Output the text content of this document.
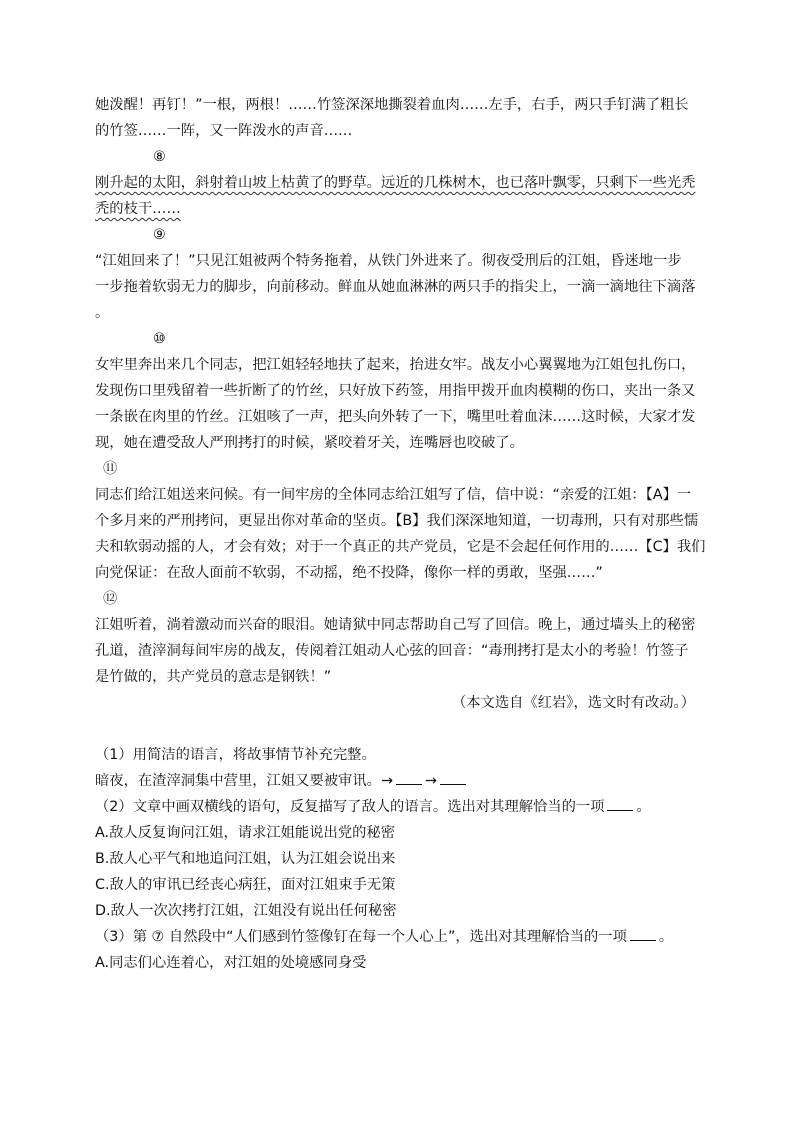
她泼醒！再钉！”一根，两根！……竹签深深地撕裂着血肉……左手，右手，两只手钉满了粗长
的竹签……一阵，又一阵泼水的声音……
⑧
刚升起的太阳，斜射着山坡上枯黄了的野草。远近的几株树木，也已落叶飘零，只剩下一些光秃
秃的枝干……
⑨
“江姐回来了！”只见江姐被两个特务拖着，从铁门外进来了。彻夜受刑后的江姐，昏迷地一步
一步拖着软弱无力的脚步，向前移动。鲜血从她血淋淋的两只手的指尖上，一滴一滴地往下滴落
。
⑩
女牢里奔出来几个同志，把江姐轻轻地扶了起来，抬进女牢。战友小心翼翼地为江姐包扎伤口，
发现伤口里残留着一些折断了的竹丝，只好放下药签，用指甲拨开血肉模糊的伤口，夹出一条又
一条嵌在肉里的竹丝。江姐咳了一声，把头向外转了一下，嘴里吐着血沫……这时候，大家才发
现，她在遭受敌人严刑拷打的时候，紧咬着牙关，连嘴唇也咬破了。
⑪
同志们给江姐送来问候。有一间牢房的全体同志给江姐写了信，信中说：“亲爱的江姐：【A】一
个多月来的严刑拷问，更显出你对革命的坚贞。【B】我们深深地知道，一切毒刑，只有对那些懦
夫和软弱动摇的人，才会有效；对于一个真正的共产党员，它是不会起任何作用的……【C】我们
向党保证：在敌人面前不软弱，不动摇，绝不投降，像你一样的勇敢，坚强……”
⑫
江姐听着，淌着激动而兴奋的眼泪。她请狱中同志帮助自己写了回信。晚上，通过墙头上的秘密
孔道，渣滓洞每间牢房的战友，传阅着江姐动人心弦的回音：“毒刑拷打是太小的考验！竹签子
是竹做的，共产党员的意志是钢铁！”
（本文选自《红岩》，选文时有改动。）
（1）用简洁的语言，将故事情节补充完整。
暗夜，在渣滓洞集中营里，江姐又要被审讯。→ →
（2）文章中画双横线的语句，反复描写了敌人的语言。选出对其理解恰当的一项 。
A.敌人反复询问江姐，请求江姐能说出党的秘密
B.敌人心平气和地追问江姐，认为江姐会说出来
C.敌人的审讯已经丧心病狂，面对江姐束手无策
D.敌人一次次拷打江姐，江姐没有说出任何秘密
（3）第 ⑦ 自然段中“人们感到竹签像钉在每一个人心上”，选出对其理解恰当的一项 。
A.同志们心连着心，对江姐的处境感同身受
